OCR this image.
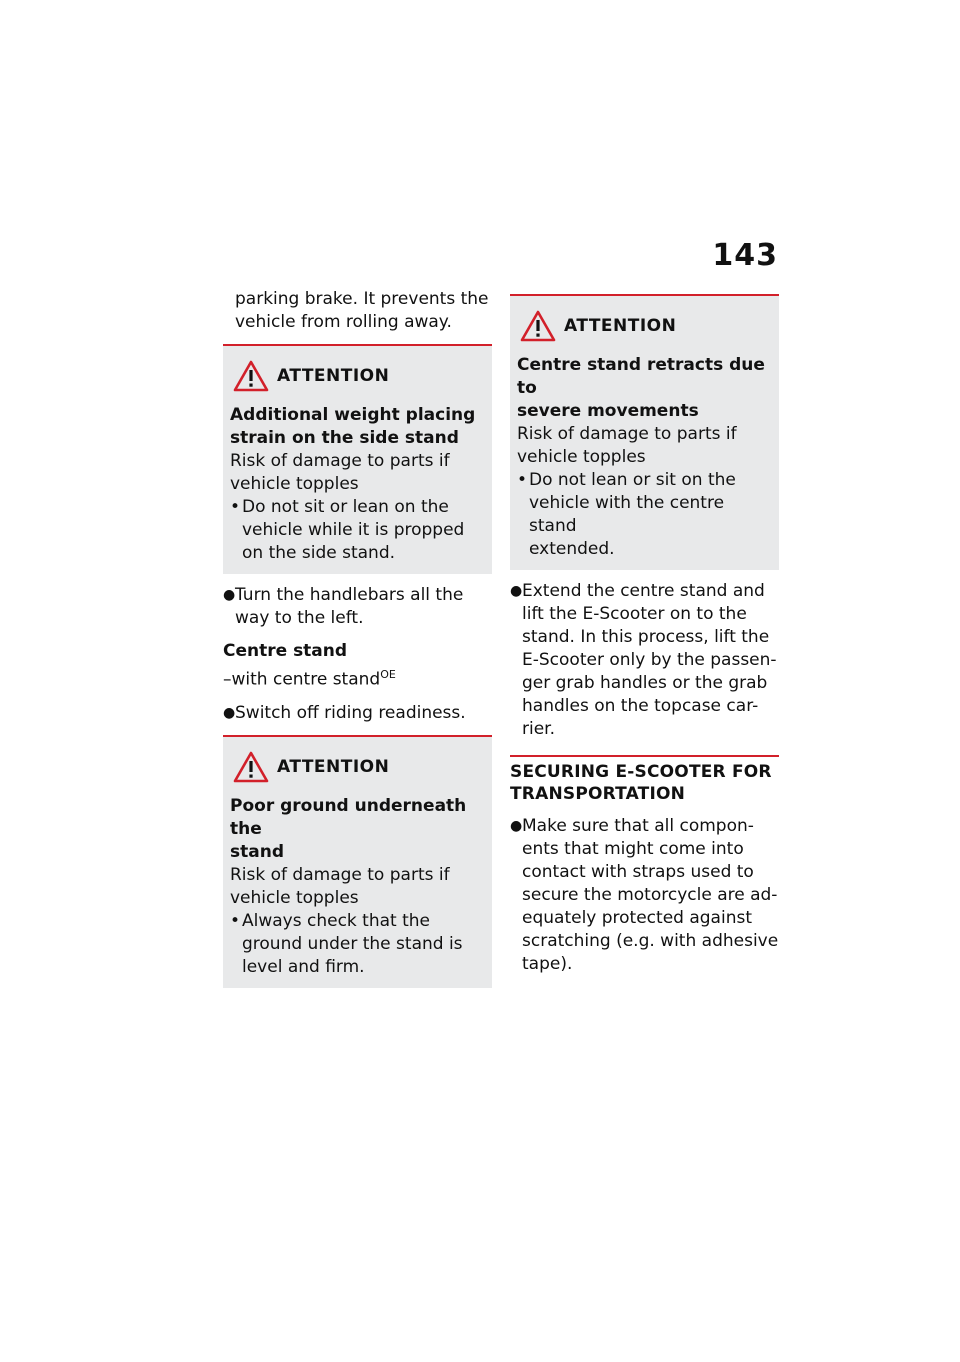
143

parking brake. It prevents the

vehicle from rolling away.

ATTENTION

Additional weight placing

strain on the side stand

Risk of damage to parts if

vehicle topples

• Do not sit or lean on the
vehicle while it is propped
on the side stand.
● Turn the handlebars all the
way to the left.

Centre stand

–with centre stand$^{OE}$

● Switch off riding readiness.
ATTENTION

Poor ground underneath the

stand

Risk of damage to parts if

vehicle topples

• Always check that the
ground under the stand is
level and firm.
ATTENTION

Centre stand retracts due to

severe movements

Risk of damage to parts if

vehicle topples

• Do not lean or sit on the
vehicle with the centre stand
extended.
● Extend the centre stand and
lift the E-Scooter on to the
stand. In this process, lift the
E-Scooter only by the passen-
ger grab handles or the grab
handles on the topcase car-
rier.
SECURING E-SCOOTER FOR
TRANSPORTATION
● Make sure that all compon-
ents that might come into
contact with straps used to
secure the motorcycle are ad-
equately protected against
scratching (e.g. with adhesive
tape).
